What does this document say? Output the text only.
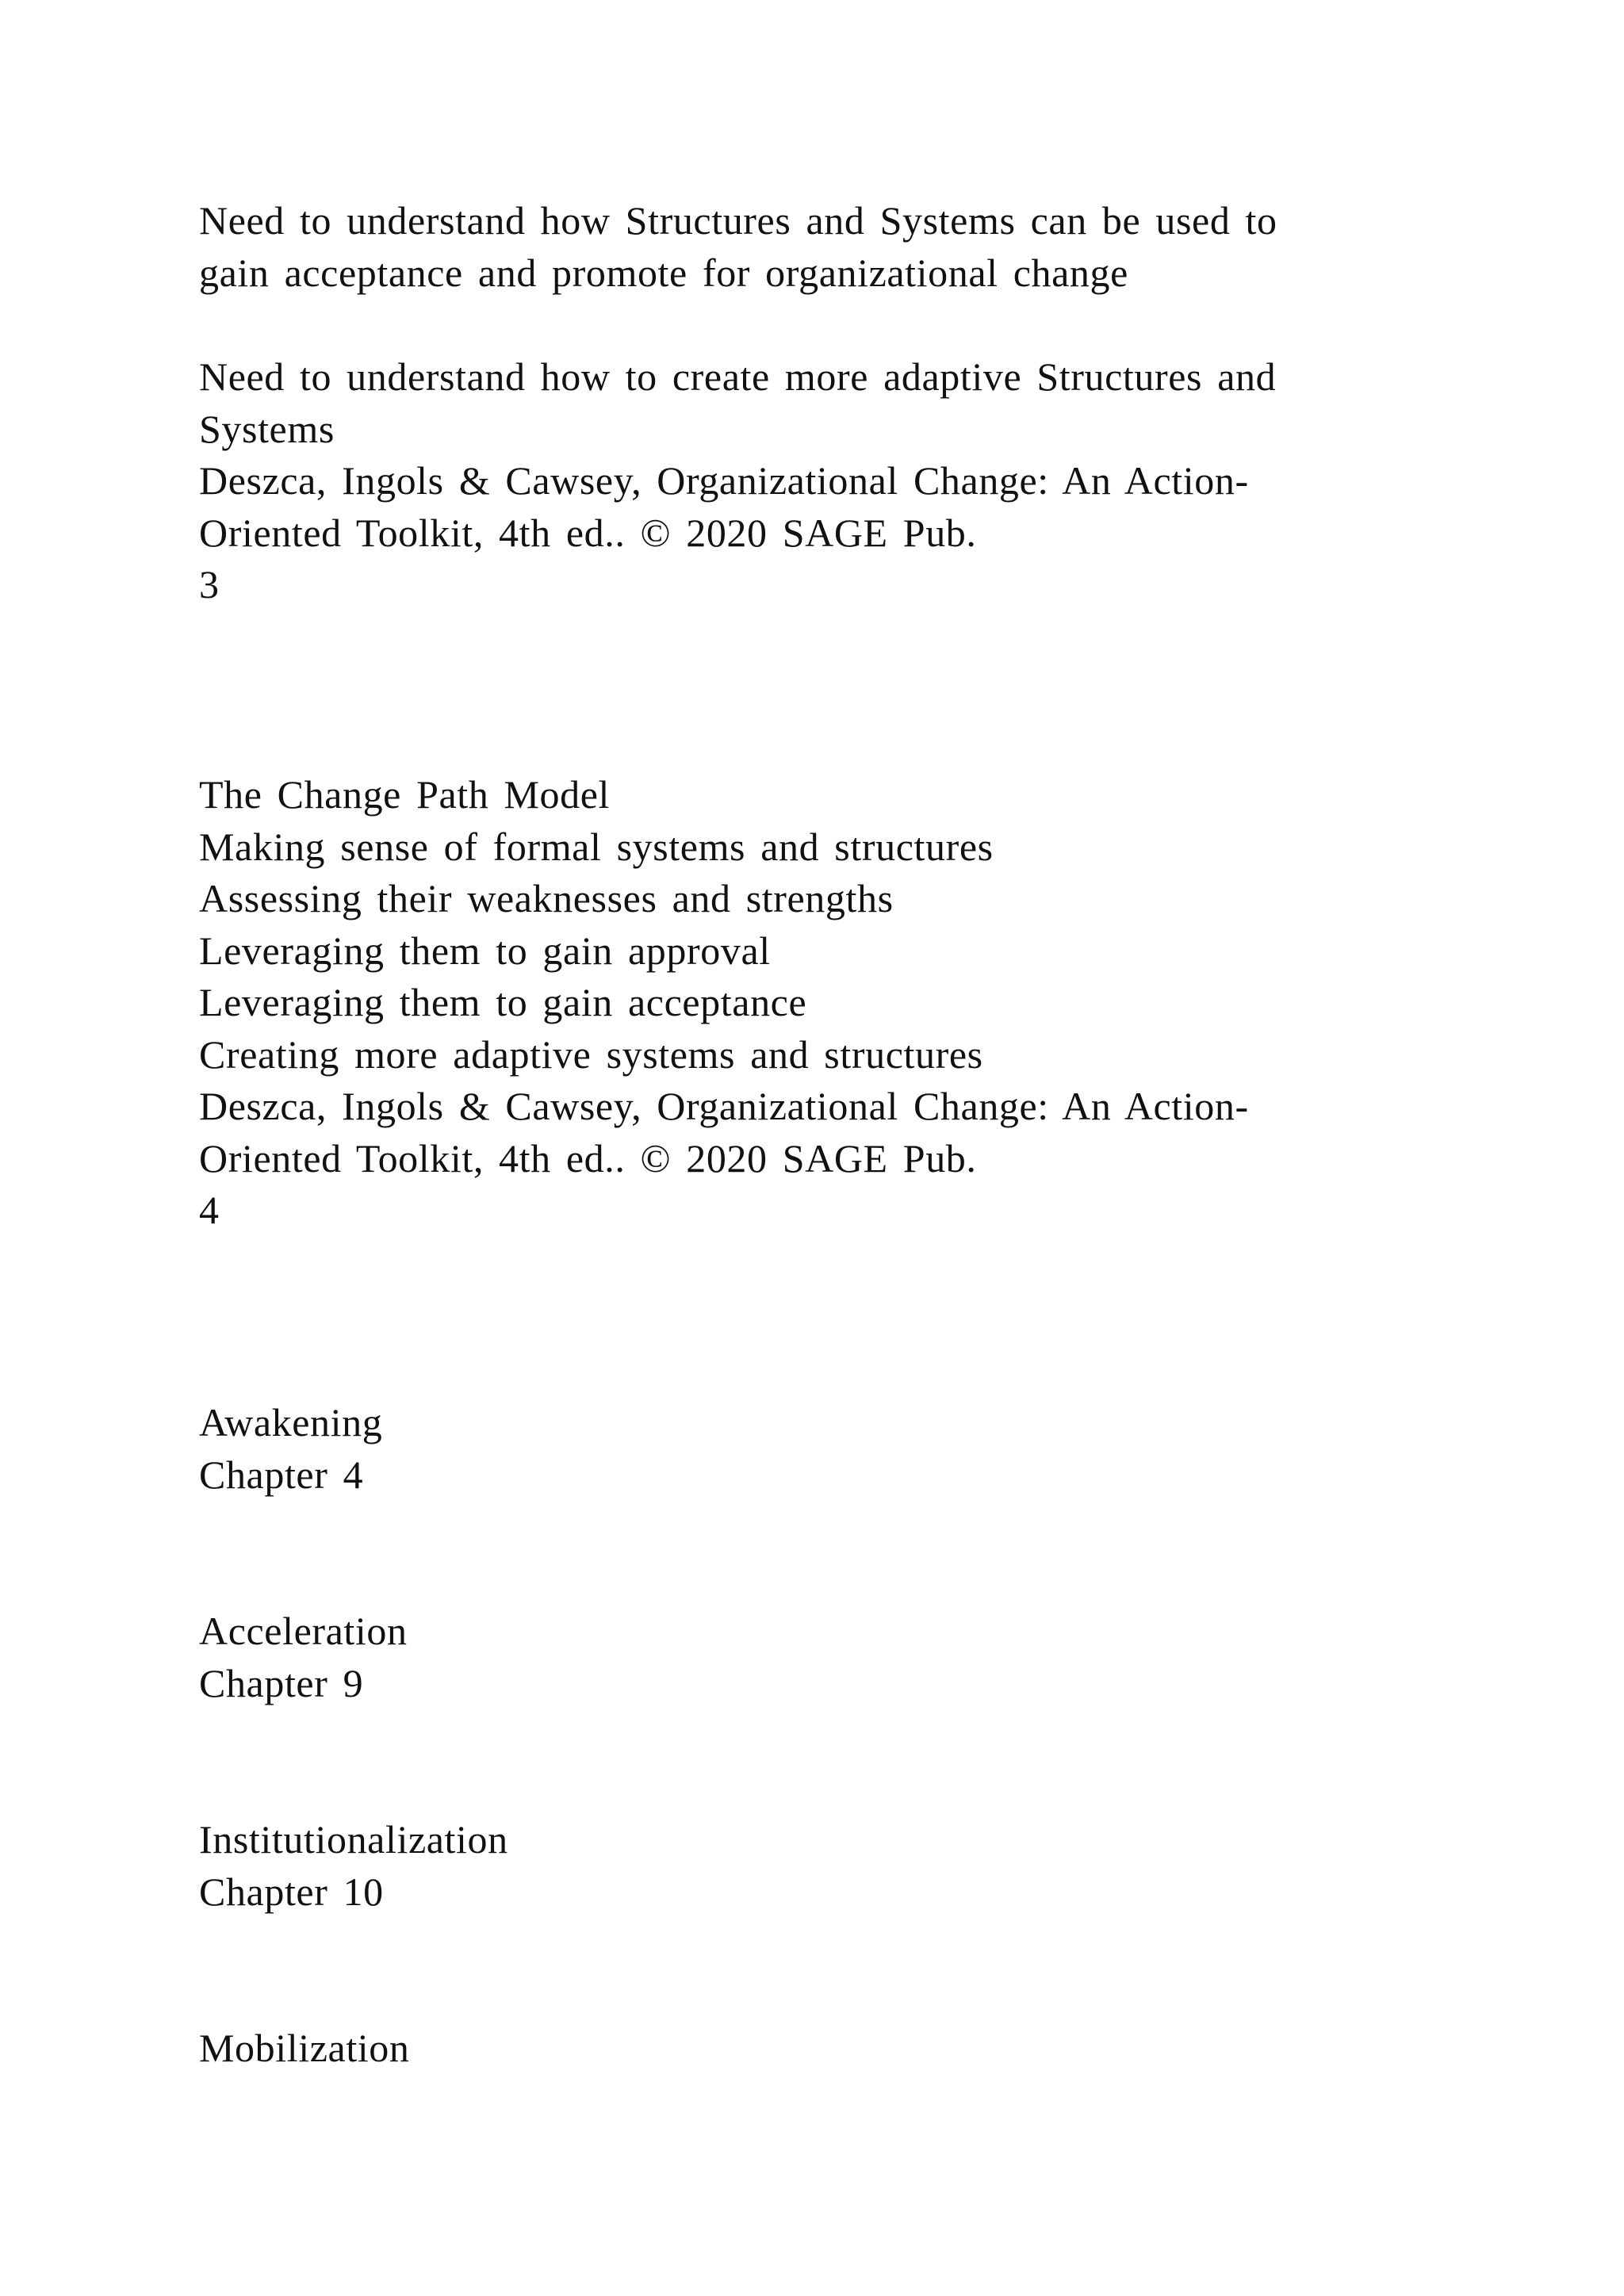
Need to understand how Structures and Systems can be used to
gain acceptance and promote for organizational change
Need to understand how to create more adaptive Structures and
Systems
Deszca, Ingols & Cawsey, Organizational Change: An Action-
Oriented Toolkit, 4th ed.. © 2020 SAGE Pub.
3
The Change Path Model
Making sense of formal systems and structures
Assessing their weaknesses and strengths
Leveraging them to gain approval
Leveraging them to gain acceptance
Creating more adaptive systems and structures
Deszca, Ingols & Cawsey, Organizational Change: An Action-
Oriented Toolkit, 4th ed.. © 2020 SAGE Pub.
4
Awakening
Chapter 4
Acceleration
Chapter 9
Institutionalization
Chapter 10
Mobilization
